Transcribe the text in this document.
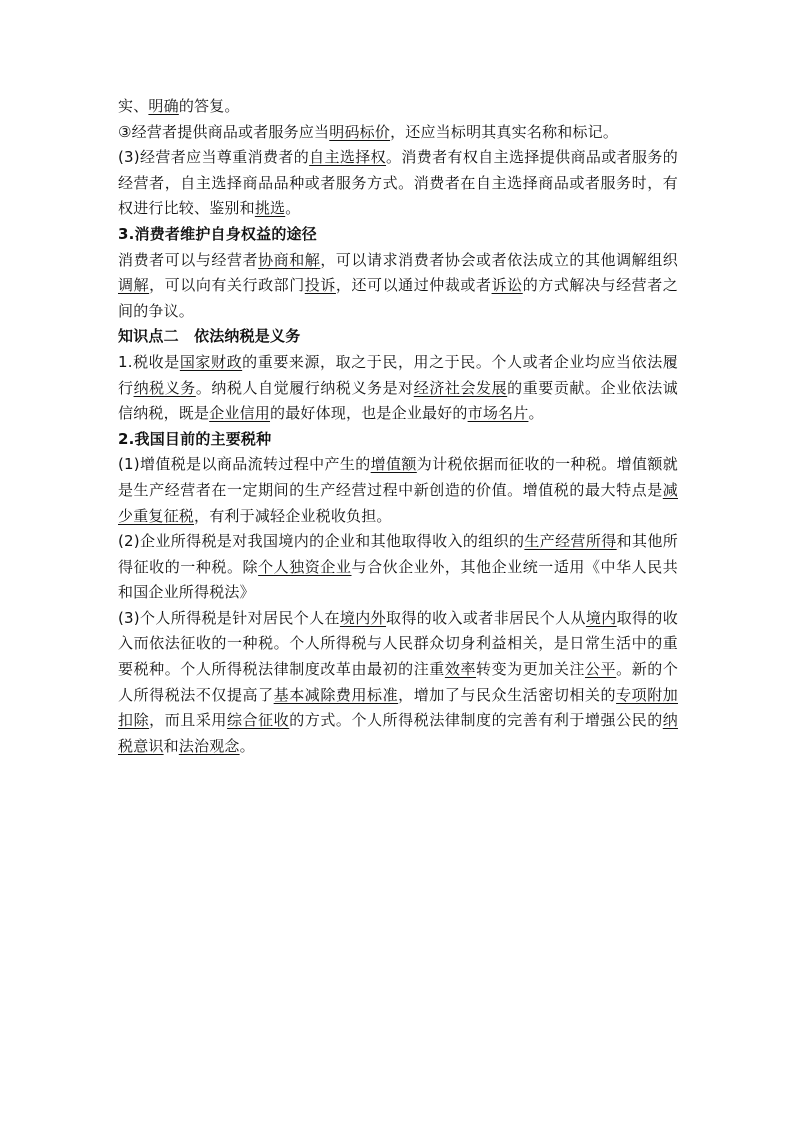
实、明确的答复。

③经营者提供商品或者服务应当明码标价，还应当标明其真实名称和标记。

(3)经营者应当尊重消费者的自主选择权。消费者有权自主选择提供商品或者服务的经营者，自主选择商品品种或者服务方式。消费者在自主选择商品或者服务时，有权进行比较、鉴别和挑选。

3.消费者维护自身权益的途径

消费者可以与经营者协商和解，可以请求消费者协会或者依法成立的其他调解组织调解，可以向有关行政部门投诉，还可以通过仲裁或者诉讼的方式解决与经营者之间的争议。

知识点二　依法纳税是义务

1.税收是国家财政的重要来源，取之于民，用之于民。个人或者企业均应当依法履行纳税义务。纳税人自觉履行纳税义务是对经济社会发展的重要贡献。企业依法诚信纳税，既是企业信用的最好体现，也是企业最好的市场名片。

2.我国目前的主要税种

(1)增值税是以商品流转过程中产生的增值额为计税依据而征收的一种税。增值额就是生产经营者在一定期间的生产经营过程中新创造的价值。增值税的最大特点是减少重复征税，有利于减轻企业税收负担。

(2)企业所得税是对我国境内的企业和其他取得收入的组织的生产经营所得和其他所得征收的一种税。除个人独资企业与合伙企业外，其他企业统一适用《中华人民共和国企业所得税法》

(3)个人所得税是针对居民个人在境内外取得的收入或者非居民个人从境内取得的收入而依法征收的一种税。个人所得税与人民群众切身利益相关，是日常生活中的重要税种。个人所得税法律制度改革由最初的注重效率转变为更加关注公平。新的个人所得税法不仅提高了基本减除费用标准，增加了与民众生活密切相关的专项附加扣除，而且采用综合征收的方式。个人所得税法律制度的完善有利于增强公民的纳税意识和法治观念。
